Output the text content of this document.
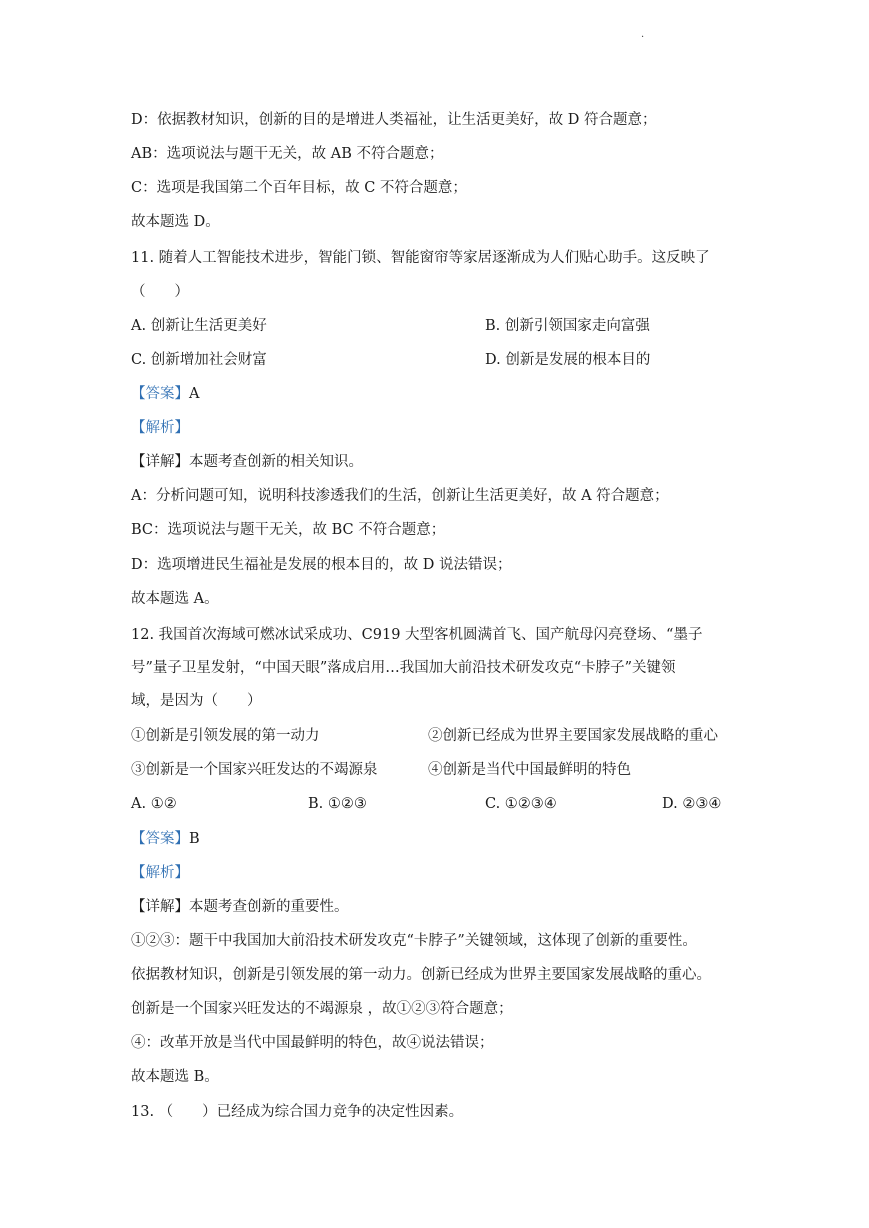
·
D：依据教材知识，创新的目的是增进人类福祉，让生活更美好，故 D 符合题意；
AB：选项说法与题干无关，故 AB 不符合题意；
C：选项是我国第二个百年目标，故 C 不符合题意；
故本题选 D。
11. 随着人工智能技术进步，智能门锁、智能窗帘等家居逐渐成为人们贴心助手。这反映了
（　　）
A. 创新让生活更美好	B. 创新引领国家走向富强
C. 创新增加社会财富	D. 创新是发展的根本目的
【答案】A
【解析】
【详解】本题考查创新的相关知识。
A：分析问题可知，说明科技渗透我们的生活，创新让生活更美好，故 A 符合题意；
BC：选项说法与题干无关，故 BC 不符合题意；
D：选项增进民生福祉是发展的根本目的，故 D 说法错误；
故本题选 A。
12. 我国首次海域可燃冰试采成功、C919 大型客机圆满首飞、国产航母闪亮登场、“墨子
号”量子卫星发射，“中国天眼”落成启用…我国加大前沿技术研发攻克“卡脖子”关键领
域，是因为（　　）
①创新是引领发展的第一动力	②创新已经成为世界主要国家发展战略的重心
③创新是一个国家兴旺发达的不竭源泉	④创新是当代中国最鲜明的特色
A. ①②	B. ①②③	C. ①②③④	D. ②③④
【答案】B
【解析】
【详解】本题考查创新的重要性。
①②③：题干中我国加大前沿技术研发攻克“卡脖子”关键领域，这体现了创新的重要性。
依据教材知识，创新是引领发展的第一动力。创新已经成为世界主要国家发展战略的重心。
创新是一个国家兴旺发达的不竭源泉 ，故①②③符合题意；
④：改革开放是当代中国最鲜明的特色，故④说法错误；
故本题选 B。
13. （　　）已经成为综合国力竞争的决定性因素。
